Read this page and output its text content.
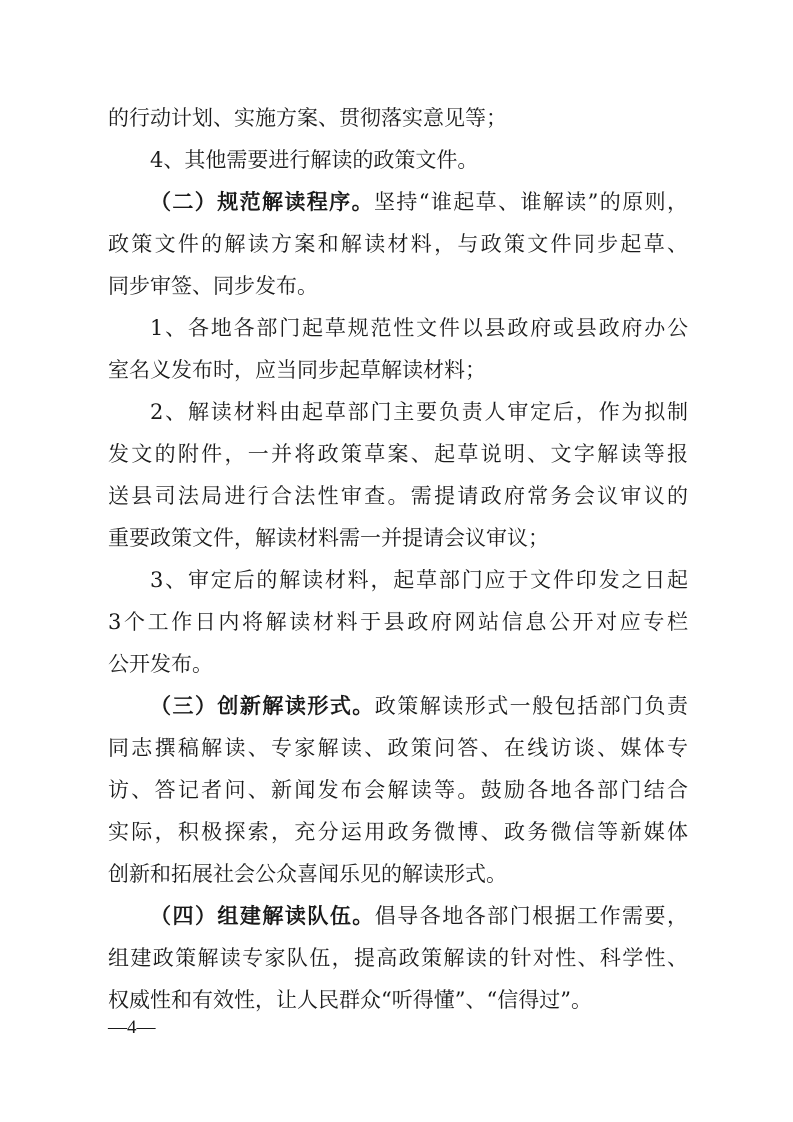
的行动计划、实施方案、贯彻落实意见等；
4、其他需要进行解读的政策文件。
（二）规范解读程序。坚持“谁起草、谁解读”的原则，
政策文件的解读方案和解读材料，与政策文件同步起草、
同步审签、同步发布。
1、各地各部门起草规范性文件以县政府或县政府办公
室名义发布时，应当同步起草解读材料；
2、解读材料由起草部门主要负责人审定后，作为拟制
发文的附件，一并将政策草案、起草说明、文字解读等报
送县司法局进行合法性审查。需提请政府常务会议审议的
重要政策文件，解读材料需一并提请会议审议；
3、审定后的解读材料，起草部门应于文件印发之日起
3个工作日内将解读材料于县政府网站信息公开对应专栏
公开发布。
（三）创新解读形式。政策解读形式一般包括部门负责
同志撰稿解读、专家解读、政策问答、在线访谈、媒体专
访、答记者问、新闻发布会解读等。鼓励各地各部门结合
实际，积极探索，充分运用政务微博、政务微信等新媒体
创新和拓展社会公众喜闻乐见的解读形式。
（四）组建解读队伍。倡导各地各部门根据工作需要，
组建政策解读专家队伍，提高政策解读的针对性、科学性、
权威性和有效性，让人民群众“听得懂”、“信得过”。
—4—
